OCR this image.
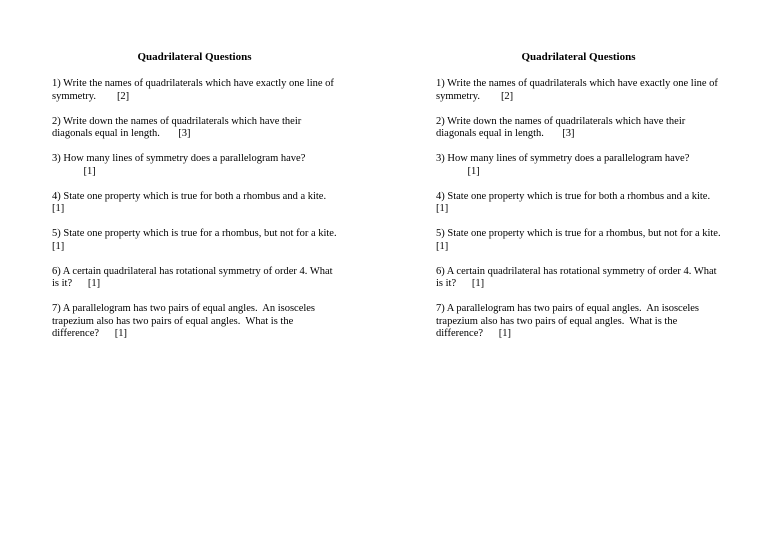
Quadrilateral Questions
1) Write the names of quadrilaterals which have exactly one line of symmetry.        [2]
2) Write down the names of quadrilaterals which have their diagonals equal in length.       [3]
3) How many lines of symmetry does a parallelogram have?
[1]
4) State one property which is true for both a rhombus and a kite.     [1]
5) State one property which is true for a rhombus, but not for a kite.     [1]
6) A certain quadrilateral has rotational symmetry of order 4. What is it?      [1]
7) A parallelogram has two pairs of equal angles.  An isosceles trapezium also has two pairs of equal angles.  What is the difference?      [1]
Quadrilateral Questions
1) Write the names of quadrilaterals which have exactly one line of symmetry.        [2]
2) Write down the names of quadrilaterals which have their diagonals equal in length.       [3]
3) How many lines of symmetry does a parallelogram have?
[1]
4) State one property which is true for both a rhombus and a kite.     [1]
5) State one property which is true for a rhombus, but not for a kite.     [1]
6) A certain quadrilateral has rotational symmetry of order 4. What is it?      [1]
7) A parallelogram has two pairs of equal angles.  An isosceles trapezium also has two pairs of equal angles.  What is the difference?      [1]
